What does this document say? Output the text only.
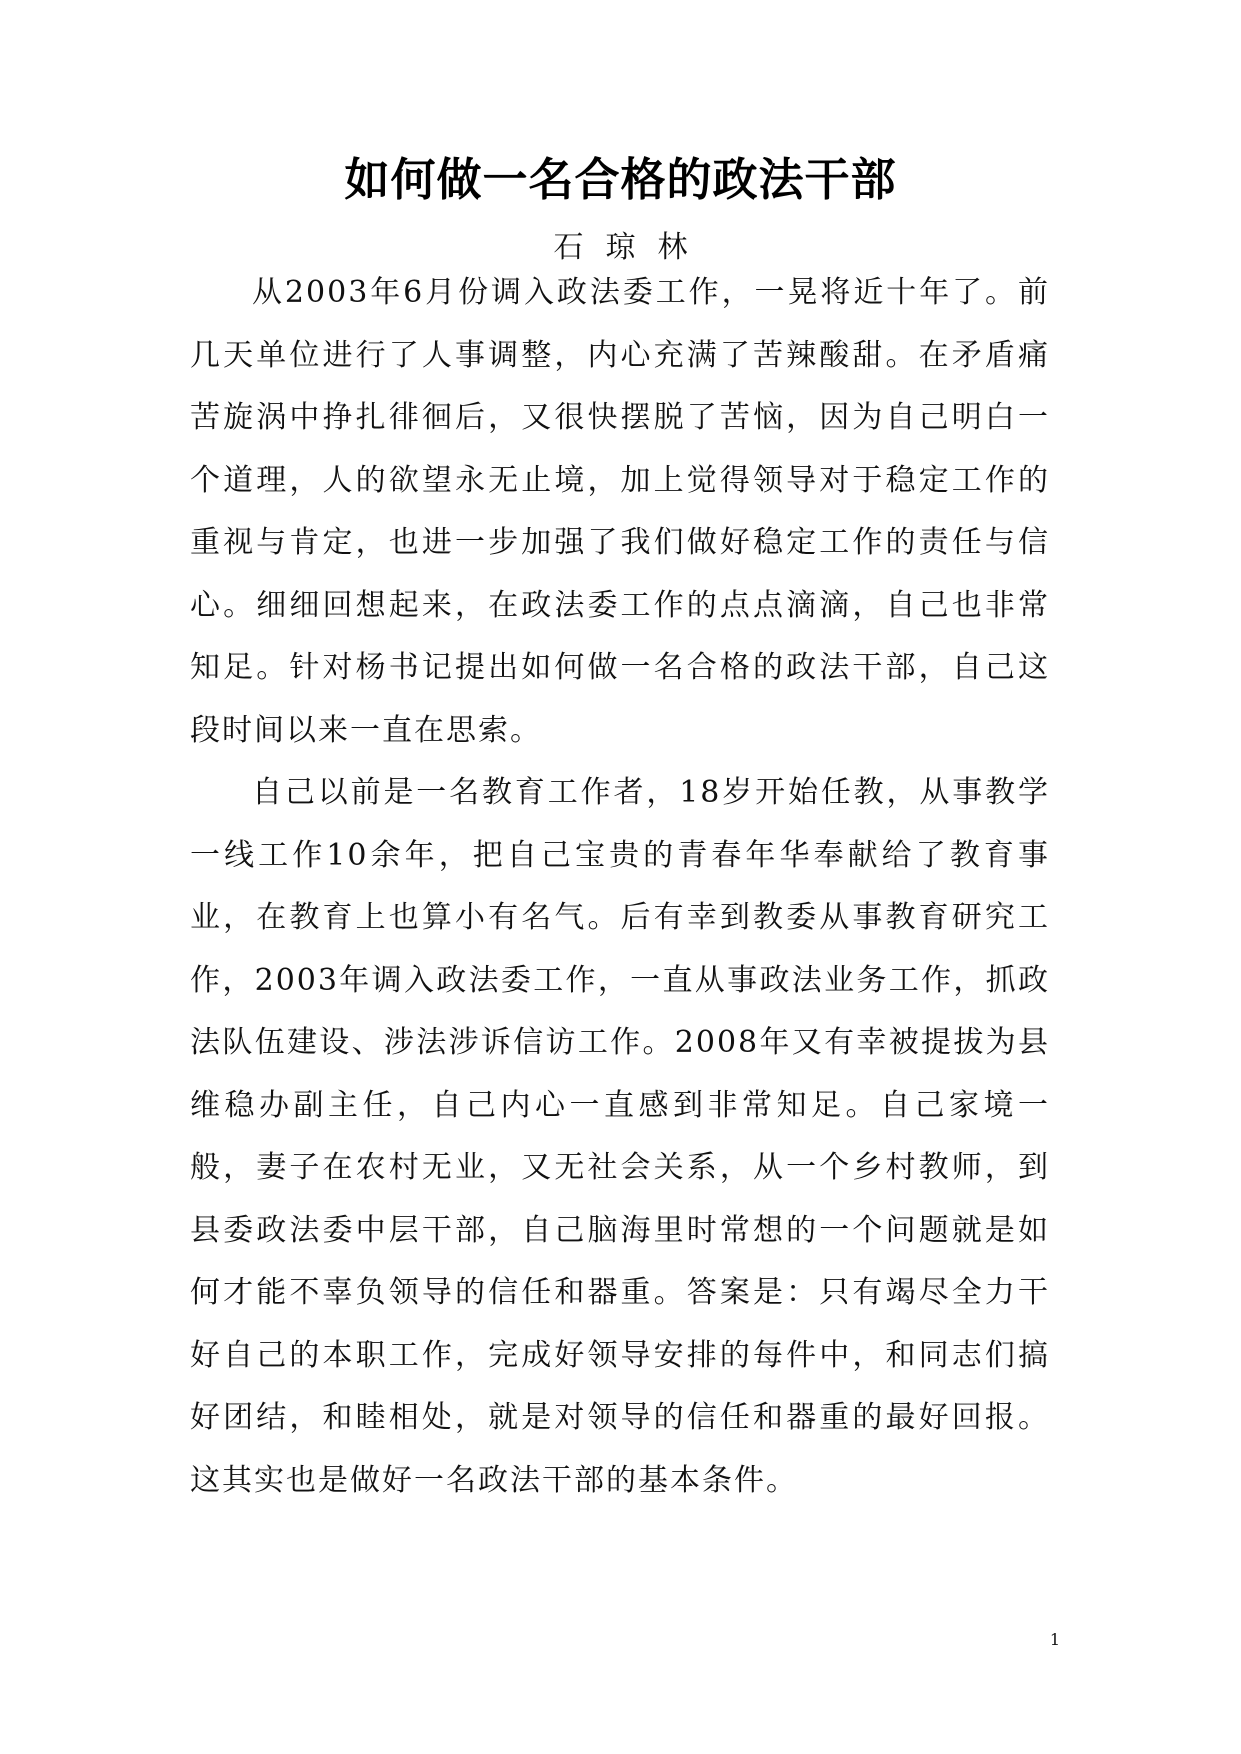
如何做一名合格的政法干部
石琼林

从2003年6月份调入政法委工作，一晃将近十年了。前几天单位进行了人事调整，内心充满了苦辣酸甜。在矛盾痛苦旋涡中挣扎徘徊后，又很快摆脱了苦恼，因为自己明白一个道理，人的欲望永无止境，加上觉得领导对于稳定工作的重视与肯定，也进一步加强了我们做好稳定工作的责任与信心。细细回想起来，在政法委工作的点点滴滴，自己也非常知足。针对杨书记提出如何做一名合格的政法干部，自己这段时间以来一直在思索。

自己以前是一名教育工作者，18岁开始任教，从事教学一线工作10余年，把自己宝贵的青春年华奉献给了教育事业，在教育上也算小有名气。后有幸到教委从事教育研究工作，2003年调入政法委工作，一直从事政法业务工作，抓政法队伍建设、涉法涉诉信访工作。2008年又有幸被提拔为县维稳办副主任，自己内心一直感到非常知足。自己家境一般，妻子在农村无业，又无社会关系，从一个乡村教师，到县委政法委中层干部，自己脑海里时常想的一个问题就是如何才能不辜负领导的信任和器重。答案是：只有竭尽全力干好自己的本职工作，完成好领导安排的每件中，和同志们搞好团结，和睦相处，就是对领导的信任和器重的最好回报。这其实也是做好一名政法干部的基本条件。

1
